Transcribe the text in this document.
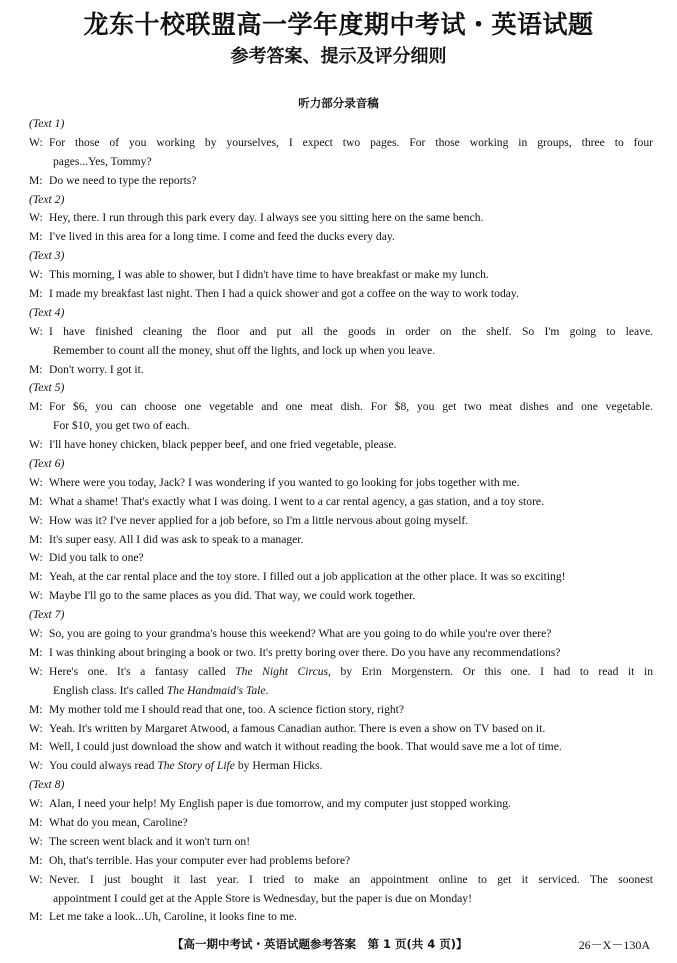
龙东十校联盟高一学年度期中考试・英语试题
参考答案、提示及评分细则
听力部分录音稿
(Text 1)
W: For those of you working by yourselves, I expect two pages. For those working in groups, three to four
pages...Yes, Tommy?
M: Do we need to type the reports?
(Text 2)
W: Hey, there. I run through this park every day. I always see you sitting here on the same bench.
M: I've lived in this area for a long time. I come and feed the ducks every day.
(Text 3)
W: This morning, I was able to shower, but I didn't have time to have breakfast or make my lunch.
M: I made my breakfast last night. Then I had a quick shower and got a coffee on the way to work today.
(Text 4)
W: I have finished cleaning the floor and put all the goods in order on the shelf. So I'm going to leave.
Remember to count all the money, shut off the lights, and lock up when you leave.
M: Don't worry. I got it.
(Text 5)
M: For $6, you can choose one vegetable and one meat dish. For $8, you get two meat dishes and one vegetable.
For $10, you get two of each.
W: I'll have honey chicken, black pepper beef, and one fried vegetable, please.
(Text 6)
W: Where were you today, Jack? I was wondering if you wanted to go looking for jobs together with me.
M: What a shame! That's exactly what I was doing. I went to a car rental agency, a gas station, and a toy store.
W: How was it? I've never applied for a job before, so I'm a little nervous about going myself.
M: It's super easy. All I did was ask to speak to a manager.
W: Did you talk to one?
M: Yeah, at the car rental place and the toy store. I filled out a job application at the other place. It was so exciting!
W: Maybe I'll go to the same places as you did. That way, we could work together.
(Text 7)
W: So, you are going to your grandma's house this weekend? What are you going to do while you're over there?
M: I was thinking about bringing a book or two. It's pretty boring over there. Do you have any recommendations?
W: Here's one. It's a fantasy called The Night Circus, by Erin Morgenstern. Or this one. I had to read it in
English class. It's called The Handmaid's Tale.
M: My mother told me I should read that one, too. A science fiction story, right?
W: Yeah. It's written by Margaret Atwood, a famous Canadian author. There is even a show on TV based on it.
M: Well, I could just download the show and watch it without reading the book. That would save me a lot of time.
W: You could always read The Story of Life by Herman Hicks.
(Text 8)
W: Alan, I need your help! My English paper is due tomorrow, and my computer just stopped working.
M: What do you mean, Caroline?
W: The screen went black and it won't turn on!
M: Oh, that's terrible. Has your computer ever had problems before?
W: Never. I just bought it last year. I tried to make an appointment online to get it serviced. The soonest
appointment I could get at the Apple Store is Wednesday, but the paper is due on Monday!
M: Let me take a look...Uh, Caroline, it looks fine to me.
【高一期中考试・英语试题参考答案　第 1 页(共 4 页)】	26－X－130A
